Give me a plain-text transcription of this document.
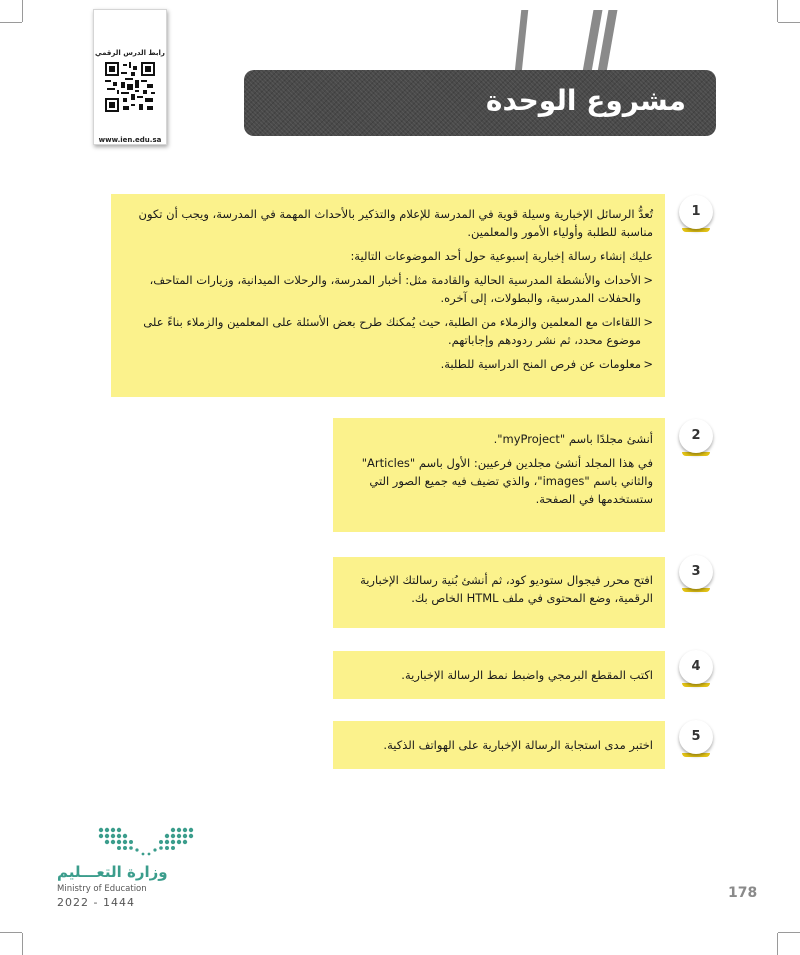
رابط الدرس الرقمي
www.ien.edu.sa
مشروع الوحدة
1

تُعدُّ الرسائل الإخبارية وسيلة قوية في المدرسة للإعلام والتذكير بالأحداث المهمة في المدرسة، ويجب أن تكون مناسبة للطلبة وأولياء الأمور والمعلمين.

عليك إنشاء رسالة إخبارية إسبوعية حول أحد الموضوعات التالية:

< الأحداث والأنشطة المدرسية الحالية والقادمة مثل: أخبار المدرسة، والرحلات الميدانية، وزيارات المتاحف، والحفلات المدرسية، والبطولات، إلى آخره.
< اللقاءات مع المعلمين والزملاء من الطلبة، حيث يُمكنك طرح بعض الأسئلة على المعلمين والزملاء بناءً على موضوع محدد، ثم نشر ردودهم وإجاباتهم.
< معلومات عن فرص المنح الدراسية للطلبة.
2

أنشئ مجلدًا باسم "myProject".

في هذا المجلد أنشئ مجلدين فرعيين: الأول باسم "Articles" والثاني باسم "images"، والذي تضيف فيه جميع الصور التي ستستخدمها في الصفحة.

3

افتح محرر فيجوال ستوديو كود، ثم أنشئ بُنية رسالتك الإخبارية الرقمية، وضع المحتوى في ملف HTML الخاص بك.

4

اكتب المقطع البرمجي واضبط نمط الرسالة الإخبارية.

5

اختبر مدى استجابة الرسالة الإخبارية على الهواتف الذكية.

وزارة التعـــليم
Ministry of Education
2022 - 1444
178
